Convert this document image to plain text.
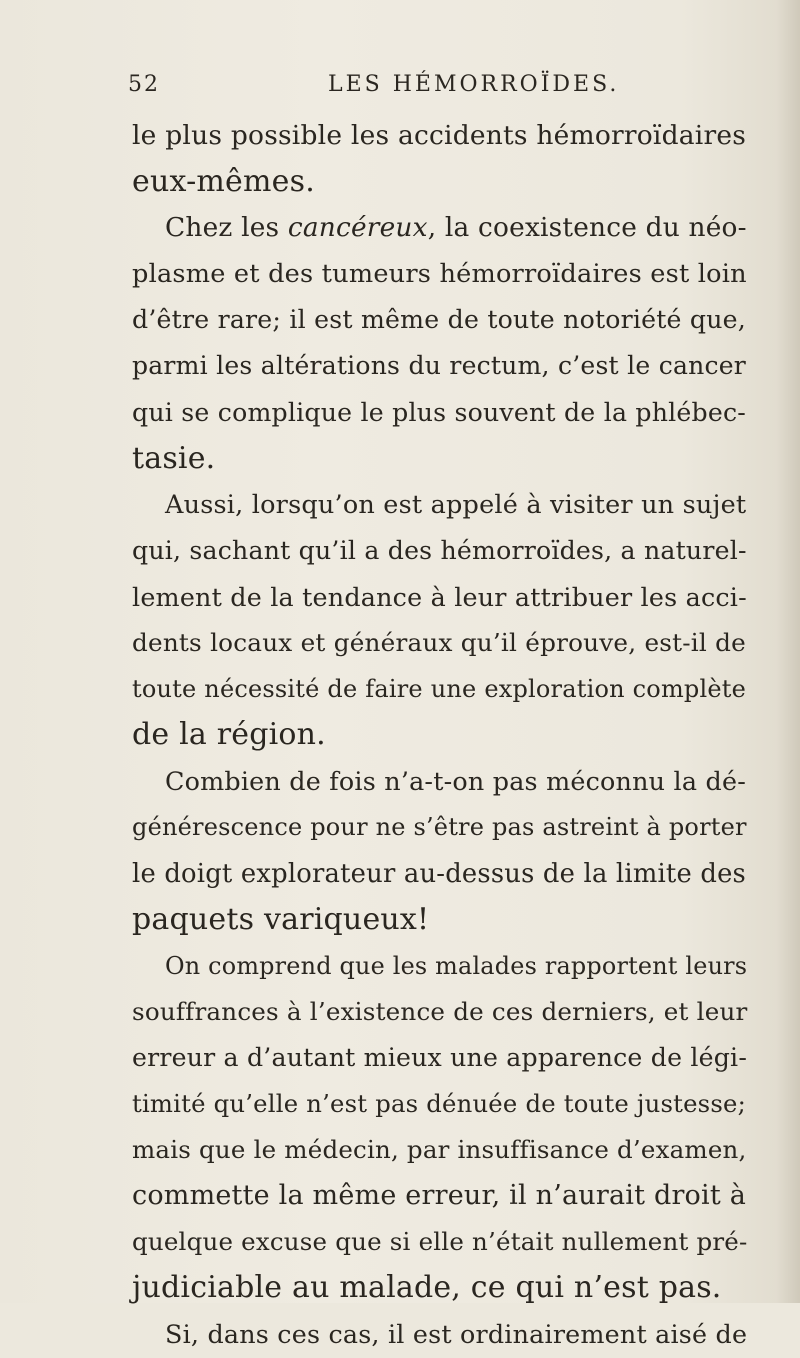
52	LES HÉMORROÏDES.
le plus possible les accidents hémorroïdaires
eux-mêmes.
Chez les cancéreux, la coexistence du néo-
plasme et des tumeurs hémorroïdaires est loin
d’être rare; il est même de toute notoriété que,
parmi les altérations du rectum, c’est le cancer
qui se complique le plus souvent de la phlébec-
tasie.
Aussi, lorsqu’on est appelé à visiter un sujet
qui, sachant qu’il a des hémorroïdes, a naturel-
lement de la tendance à leur attribuer les acci-
dents locaux et généraux qu’il éprouve, est-il de
toute nécessité de faire une exploration complète
de la région.
Combien de fois n’a-t-on pas méconnu la dé-
générescence pour ne s’être pas astreint à porter
le doigt explorateur au-dessus de la limite des
paquets variqueux!
On comprend que les malades rapportent leurs
souffrances à l’existence de ces derniers, et leur
erreur a d’autant mieux une apparence de légi-
timité qu’elle n’est pas dénuée de toute justesse;
mais que le médecin, par insuffisance d’examen,
commette la même erreur, il n’aurait droit à
quelque excuse que si elle n’était nullement pré-
judiciable au malade, ce qui n’est pas.
Si, dans ces cas, il est ordinairement aisé de
